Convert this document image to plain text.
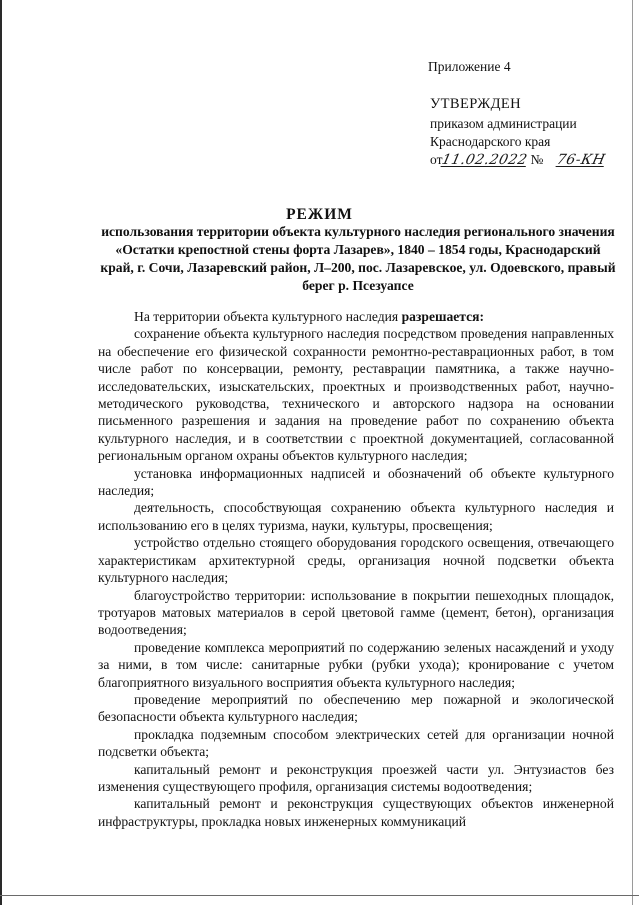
Приложение 4
УТВЕРЖДЕН
приказом администрации
Краснодарского края
от11.02.2022№ 76-КН
РЕЖИМ
использования территории объекта культурного наследия регионального значения «Остатки крепостной стены форта Лазарев», 1840 – 1854 годы, Краснодарский край, г. Сочи, Лазаревский район, Л–200, пос. Лазаревское, ул. Одоевского, правый берег р. Псезуапсе

На территории объекта культурного наследия разрешается:

сохранение объекта культурного наследия посредством проведения направленных на обеспечение его физической сохранности ремонтно-реставрационных работ, в том числе работ по консервации, ремонту, реставрации памятника, а также научно-исследовательских, изыскательских, проектных и производственных работ, научно-методического руководства, технического и авторского надзора на основании письменного разрешения и задания на проведение работ по сохранению объекта культурного наследия, и в соответствии с проектной документацией, согласованной региональным органом охраны объектов культурного наследия;

установка информационных надписей и обозначений об объекте культурного наследия;

деятельность, способствующая сохранению объекта культурного наследия и использованию его в целях туризма, науки, культуры, просвещения;

устройство отдельно стоящего оборудования городского освещения, отвечающего характеристикам архитектурной среды, организация ночной подсветки объекта культурного наследия;

благоустройство территории: использование в покрытии пешеходных площадок, тротуаров матовых материалов в серой цветовой гамме (цемент, бетон), организация водоотведения;

проведение комплекса мероприятий по содержанию зеленых насаждений и уходу за ними, в том числе: санитарные рубки (рубки ухода); кронирование с учетом благоприятного визуального восприятия объекта культурного наследия;

проведение мероприятий по обеспечению мер пожарной и экологической безопасности объекта культурного наследия;

прокладка подземным способом электрических сетей для организации ночной подсветки объекта;

капитальный ремонт и реконструкция проезжей части ул. Энтузиастов без изменения существующего профиля, организация системы водоотведения;

капитальный ремонт и реконструкция существующих объектов инженерной инфраструктуры, прокладка новых инженерных коммуникаций
